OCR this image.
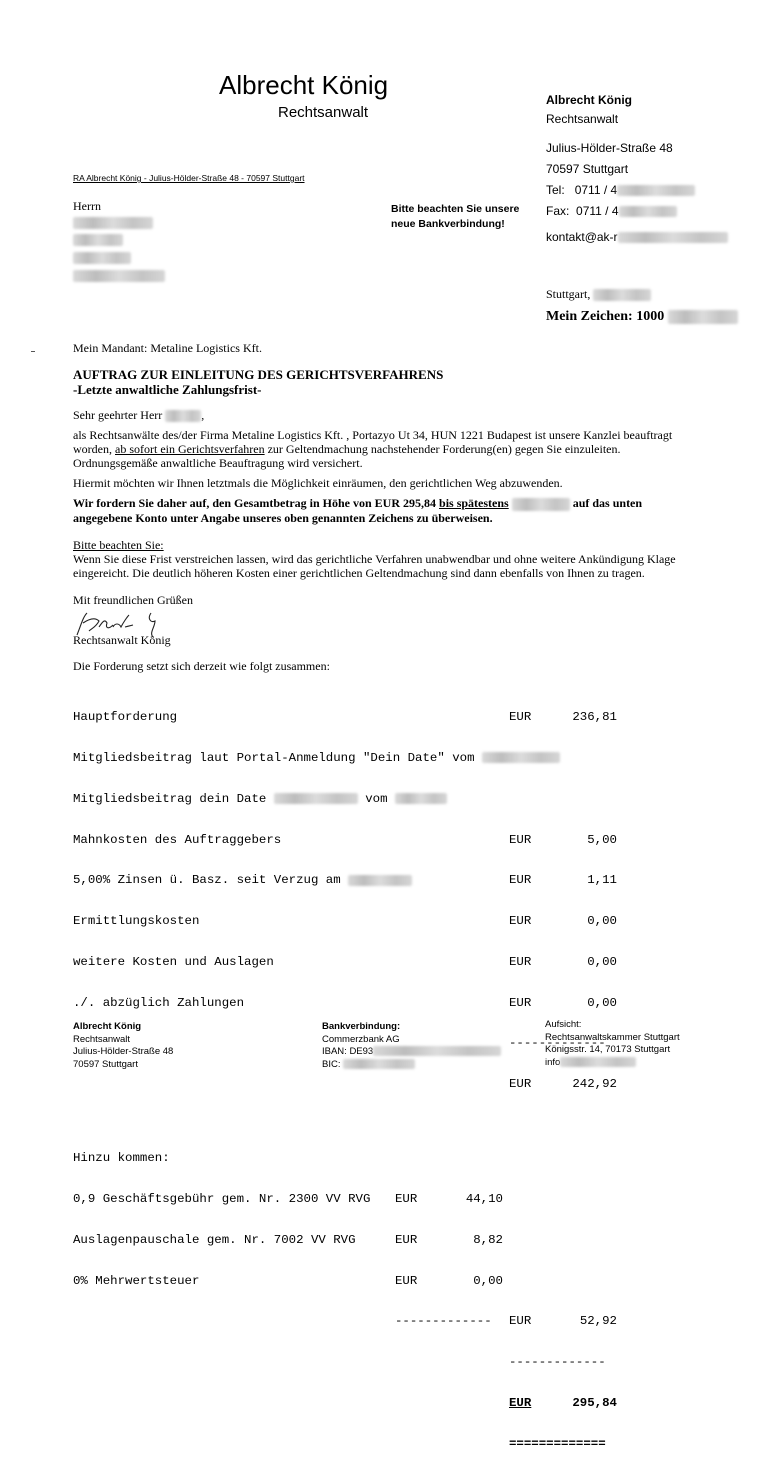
Albrecht König
Rechtsanwalt
RA Albrecht König - Julius-Hölder-Straße 48 - 70597 Stuttgart
Albrecht König
Rechtsanwalt
Julius-Hölder-Straße 48
70597 Stuttgart
Tel: 0711 / 4
Fax: 0711 / 4
kontakt@ak-r
Stuttgart,
Mein Zeichen: 1000
Bitte beachten Sie unsere
neue Bankverbindung!
Herrn

Mein Mandant: Metaline Logistics Kft.
AUFTRAG ZUR EINLEITUNG DES GERICHTSVERFAHRENS
-Letzte anwaltliche Zahlungsfrist-
Sehr geehrter Herr	,
als Rechtsanwälte des/der Firma Metaline Logistics Kft. , Portazyo Ut 34, HUN 1221 Budapest ist unsere Kanzlei beauftragt
worden, ab sofort ein Gerichtsverfahren zur Geltendmachung nachstehender Forderung(en) gegen Sie einzuleiten.
Ordnungsgemäße anwaltliche Beauftragung wird versichert.
Hiermit möchten wir Ihnen letztmals die Möglichkeit einräumen, den gerichtlichen Weg abzuwenden.
Wir fordern Sie daher auf, den Gesamtbetrag in Höhe von EUR 295,84 bis spätestens	auf das unten
angegebene Konto unter Angabe unseres oben genannten Zeichens zu überweisen.
Bitte beachten Sie:
Wenn Sie diese Frist verstreichen lassen, wird das gerichtliche Verfahren unabwendbar und ohne weitere Ankündigung Klage
eingereicht. Die deutlich höheren Kosten einer gerichtlichen Geltendmachung sind dann ebenfalls von Ihnen zu tragen.
Mit freundlichen Grüßen
Rechtsanwalt König
Die Forderung setzt sich derzeit wie folgt zusammen:

Hauptforderung	EUR	236,81

Mitgliedsbeitrag laut Portal-Anmeldung "Dein Date" vom

Mitgliedsbeitrag dein Date	vom

Mahnkosten des Auftraggebers	EUR	5,00

5,00% Zinsen ü. Basz. seit Verzug am	EUR	1,11

Ermittlungskosten	EUR	0,00

weitere Kosten und Auslagen	EUR	0,00

./. abzüglich Zahlungen	EUR	0,00

-------------

EUR	242,92

Hinzu kommen:

0,9 Geschäftsgebühr gem. Nr. 2300 VV RVG EUR	44,10

Auslagenpauschale gem. Nr. 7002 VV RVG	EUR	8,82

0% Mehrwertsteuer	EUR	0,00

------------- EUR	52,92

-------------

EUR	295,84

=============

Albrecht König
Rechtsanwalt
Julius-Hölder-Straße 48
70597 Stuttgart
Bankverbindung:
Commerzbank AG
IBAN: DE93
BIC:
Aufsicht:
Rechtsanwaltskammer Stuttgart
Königsstr. 14, 70173 Stuttgart
info
